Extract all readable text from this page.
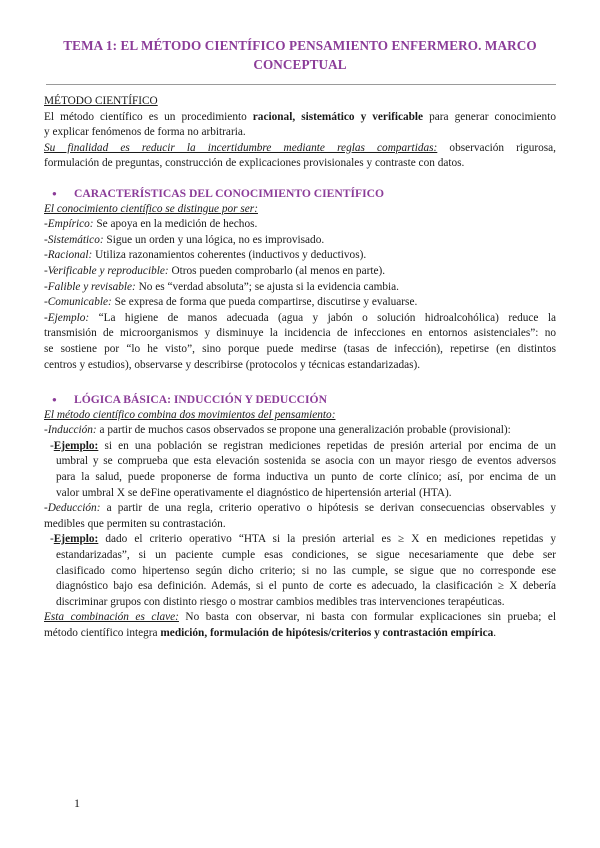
TEMA 1: EL MÉTODO CIENTÍFICO PENSAMIENTO ENFERMERO. MARCO
CONCEPTUAL
MÉTODO CIENTÍFICO
El método científico es un procedimiento racional, sistemático y verificable para generar conocimiento
y explicar fenómenos de forma no arbitraria.
Su finalidad es reducir la incertidumbre mediante reglas compartidas: observación rigurosa,
formulación de preguntas, construcción de explicaciones provisionales y contraste con datos.
● CARACTERÍSTICAS DEL CONOCIMIENTO CIENTÍFICO
El conocimiento científico se distingue por ser:
-Empírico: Se apoya en la medición de hechos.
-Sistemático: Sigue un orden y una lógica, no es improvisado.
-Racional: Utiliza razonamientos coherentes (inductivos y deductivos).
-Verificable y reproducible: Otros pueden comprobarlo (al menos en parte).
-Falible y revisable: No es “verdad absoluta”; se ajusta si la evidencia cambia.
-Comunicable: Se expresa de forma que pueda compartirse, discutirse y evaluarse.
-Ejemplo: “La higiene de manos adecuada (agua y jabón o solución hidroalcohólica) reduce la
transmisión de microorganismos y disminuye la incidencia de infecciones en entornos asistenciales”: no
se sostiene por “lo he visto”, sino porque puede medirse (tasas de infección), repetirse (en distintos
centros y estudios), observarse y describirse (protocolos y técnicas estandarizadas).
● LÓGICA BÁSICA: INDUCCIÓN Y DEDUCCIÓN
El método científico combina dos movimientos del pensamiento:
-Inducción: a partir de muchos casos observados se propone una generalización probable (provisional):
-Ejemplo: si en una población se registran mediciones repetidas de presión arterial por encima de un
umbral y se comprueba que esta elevación sostenida se asocia con un mayor riesgo de eventos adversos
para la salud, puede proponerse de forma inductiva un punto de corte clínico; así, por encima de un
valor umbral X se deFine operativamente el diagnóstico de hipertensión arterial (HTA).
-Deducción: a partir de una regla, criterio operativo o hipótesis se derivan consecuencias observables y
medibles que permiten su contrastación.
-Ejemplo: dado el criterio operativo “HTA si la presión arterial es ≥ X en mediciones repetidas y
estandarizadas”, si un paciente cumple esas condiciones, se sigue necesariamente que debe ser
clasificado como hipertenso según dicho criterio; si no las cumple, se sigue que no corresponde ese
diagnóstico bajo esa definición. Además, si el punto de corte es adecuado, la clasificación ≥ X debería
discriminar grupos con distinto riesgo o mostrar cambios medibles tras intervenciones terapéuticas.
Esta combinación es clave: No basta con observar, ni basta con formular explicaciones sin prueba; el
método científico integra medición, formulación de hipótesis/criterios y contrastación empírica.
1
